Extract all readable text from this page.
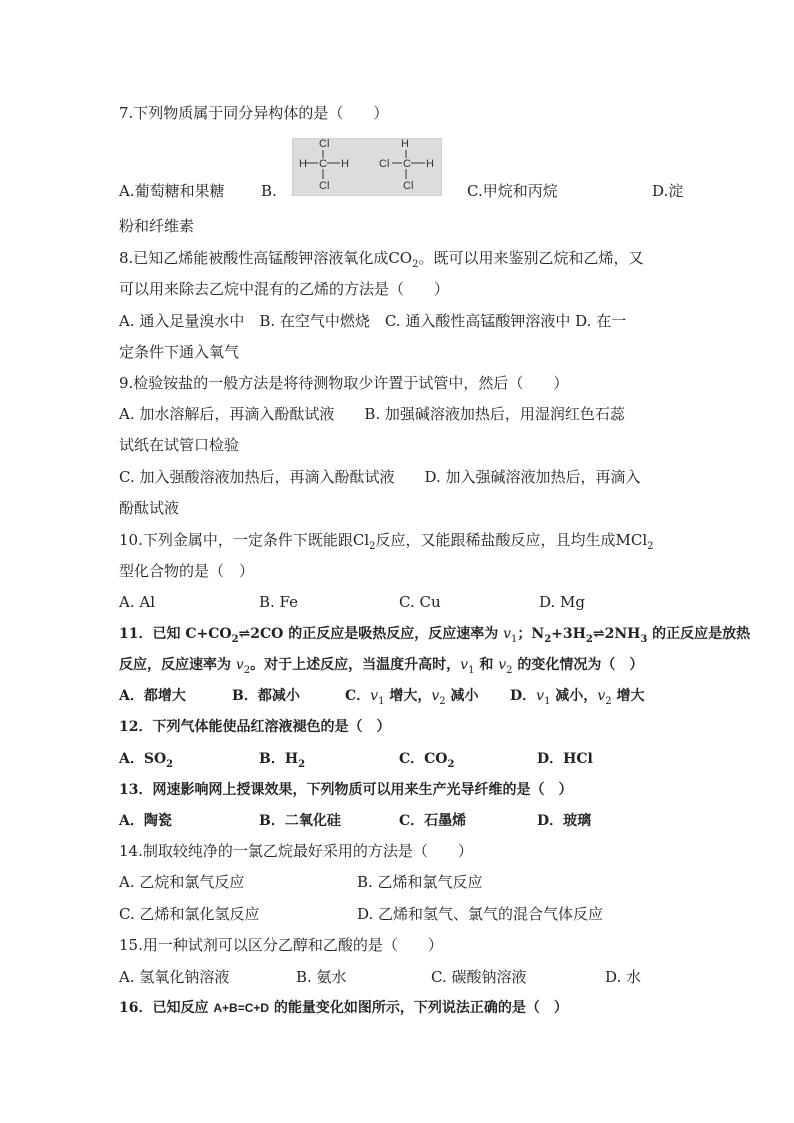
7.下列物质属于同分异构体的是（　　）
A.葡萄糖和果糖 B.
Cl
H C H
Cl
H
Cl C H
Cl	C.甲烷和丙烷	D.淀
粉和纤维素
8.已知乙烯能被酸性高锰酸钾溶液氧化成$CO_2$。既可以用来鉴别乙烷和乙烯，又
可以用来除去乙烷中混有的乙烯的方法是（　　）
A. 通入足量溴水中　B. 在空气中燃烧　C. 通入酸性高锰酸钾溶液中 D. 在一
定条件下通入氧气
9.检验铵盐的一般方法是将待测物取少许置于试管中，然后（　　）
A. 加水溶解后，再滴入酚酞试液　　B. 加强碱溶液加热后，用湿润红色石蕊
试纸在试管口检验
C. 加入强酸溶液加热后，再滴入酚酞试液　　D. 加入强碱溶液加热后，再滴入
酚酞试液
10.下列金属中，一定条件下既能跟$Cl_2$反应，又能跟稀盐酸反应，且均生成MCl$_2$
型化合物的是（　）
A. Al	B. Fe	C. Cu	D. Mg
11．已知 $C+CO_2\rightleftharpoons 2CO$ 的正反应是吸热反应，反应速率为 $v_1$；$N_2+3H_2\rightleftharpoons 2NH_3$ 的正反应是放热
反应，反应速率为 $v_2$。对于上述反应，当温度升高时，$v_1$ 和 $v_2$ 的变化情况为（　）
A．都增大	B．都减小	C．$v_1$ 增大，$v_2$ 减小 D．$v_1$ 减小，$v_2$ 增大
12．下列气体能使品红溶液褪色的是（　）
A．$SO_2$	B．$H_2$	C．$CO_2$	D．HCl
13．网速影响网上授课效果，下列物质可以用来生产光导纤维的是（　）
A．陶瓷	B．二氧化硅	C．石墨烯	D．玻璃
14.制取较纯净的一氯乙烷最好采用的方法是（　　）
A. 乙烷和氯气反应	B. 乙烯和氯气反应
C. 乙烯和氯化氢反应	D. 乙烯和氢气、氯气的混合气体反应
15.用一种试剂可以区分乙醇和乙酸的是（　　）
A. 氢氧化钠溶液	B. 氨水	C. 碳酸钠溶液	D. 水
16．已知反应 A+B=C+D 的能量变化如图所示，下列说法正确的是（　）
